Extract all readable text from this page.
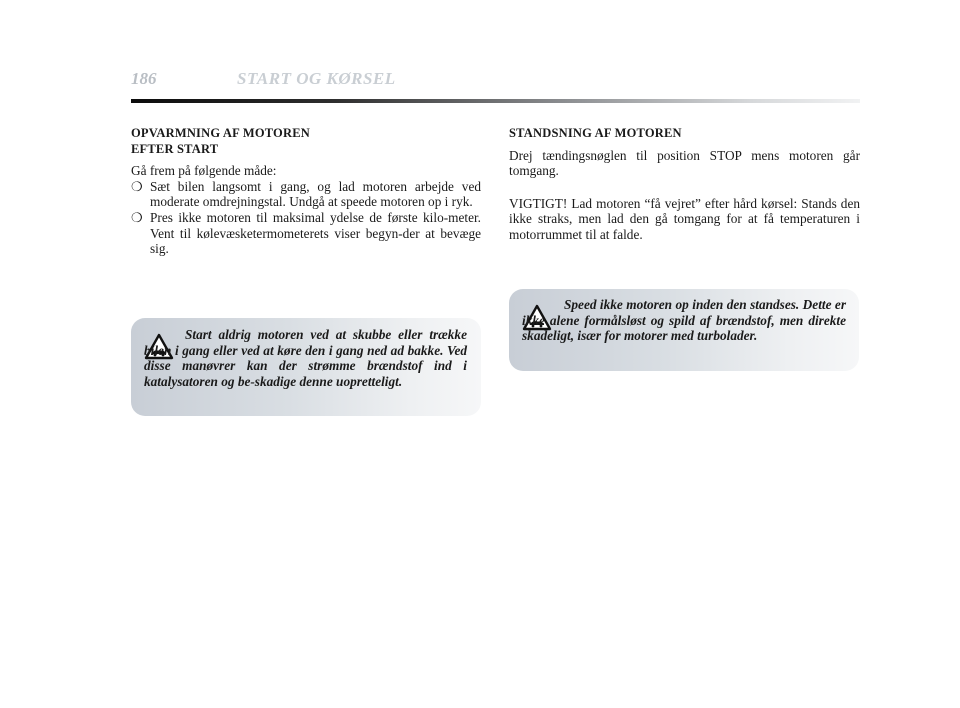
186	START OG KØRSEL
OPVARMNING AF MOTOREN
EFTER START

Gå frem på følgende måde:

❍ Sæt bilen langsomt i gang, og lad motoren arbejde ved moderate omdrejningstal. Undgå at speede motoren op i ryk.
❍ Pres ikke motoren til maksimal ydelse de første kilo-meter. Vent til kølevæsketermometerets viser begyn-der at bevæge sig.
Start aldrig motoren ved at skubbe eller trække bilen i gang eller ved at køre den i gang ned ad bakke. Ved disse manøvrer kan der strømme brændstof ind i katalysatoren og be-skadige denne uopretteligt.
STANDSNING AF MOTOREN

Drej tændingsnøglen til position STOP mens motoren går tomgang.

VIGTIGT! Lad motoren “få vejret” efter hård kørsel: Stands den ikke straks, men lad den gå tomgang for at få temperaturen i motorrummet til at falde.

Speed ikke motoren op inden den standses. Dette er ikke alene formålsløst og spild af brændstof, men direkte skadeligt, især for motorer med turbolader.
